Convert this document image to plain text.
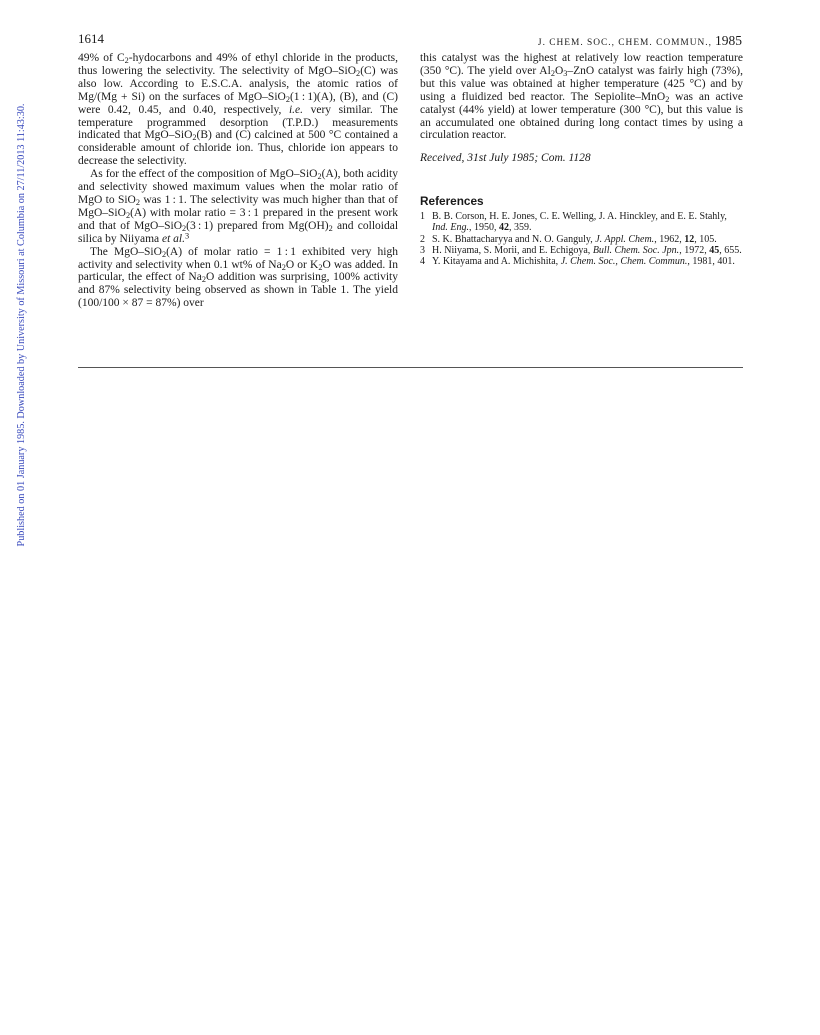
Published on 01 January 1985. Downloaded by University of Missouri at Columbia on 27/11/2013 11:43:30.
1614	J. CHEM. SOC., CHEM. COMMUN., 1985

49% of $C_2$-hydocarbons and 49% of ethyl chloride in the products, thus lowering the selectivity. The selectivity of MgO–SiO$_2$(C) was also low. According to E.S.C.A. analysis, the atomic ratios of Mg/(Mg + Si) on the surfaces of MgO–SiO$_2$(1 : 1)(A), (B), and (C) were 0.42, 0.45, and 0.40, respectively, i.e. very similar. The temperature programmed desorption (T.P.D.) measurements indicated that MgO–SiO$_2$(B) and (C) calcined at 500 °C contained a considerable amount of chloride ion. Thus, chloride ion appears to decrease the selectivity.

As for the effect of the composition of MgO–SiO$_2$(A), both acidity and selectivity showed maximum values when the molar ratio of MgO to SiO$_2$ was 1 : 1. The selectivity was much higher than that of MgO–SiO$_2$(A) with molar ratio = 3 : 1 prepared in the present work and that of MgO–SiO$_2$(3 : 1) prepared from $Mg(OH)_2$ and colloidal silica by Niiyama et al.$^3$

The MgO–SiO$_2$(A) of molar ratio = 1 : 1 exhibited very high activity and selectivity when 0.1 wt% of $Na_2O$ or $K_2O$ was added. In particular, the effect of $Na_2O$ addition was surprising, 100% activity and 87% selectivity being observed as shown in Table 1. The yield (100/100 × 87 = 87%) over

this catalyst was the highest at relatively low reaction temperature (350 °C). The yield over $Al_2O_3$–ZnO catalyst was fairly high (73%), but this value was obtained at higher temperature (425 °C) and by using a fluidized bed reactor. The Sepiolite–MnO$_2$ was an active catalyst (44% yield) at lower temperature (300 °C), but this value is an accumulated one obtained during long contact times by using a circulation reactor.

Received, 31st July 1985; Com. 1128

References
1 B. B. Corson, H. E. Jones, C. E. Welling, J. A. Hinckley, and E. E. Stahly, Ind. Eng., 1950, 42, 359.
2 S. K. Bhattacharyya and N. O. Ganguly, J. Appl. Chem., 1962, 12, 105.
3 H. Niiyama, S. Morii, and E. Echigoya, Bull. Chem. Soc. Jpn., 1972, 45, 655.
4 Y. Kitayama and A. Michishita, J. Chem. Soc., Chem. Commun., 1981, 401.
